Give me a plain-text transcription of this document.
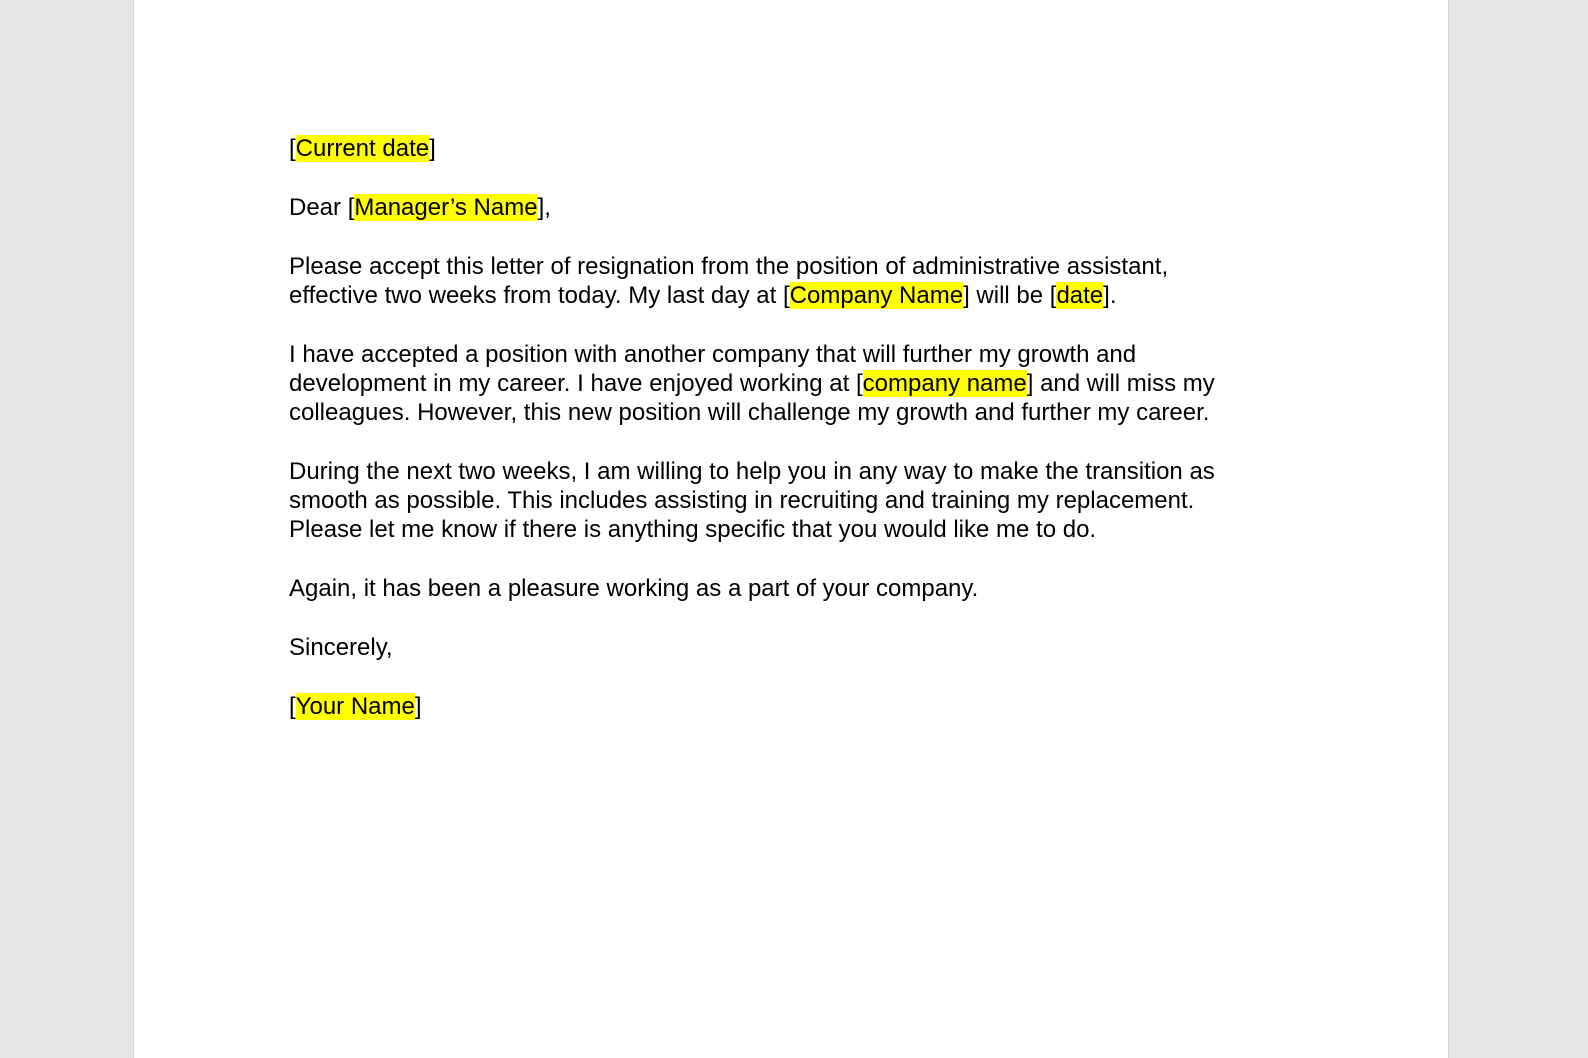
[Current date]

Dear [Manager’s Name],

Please accept this letter of resignation from the position of administrative assistant,

effective two weeks from today. My last day at [Company Name] will be [date].

I have accepted a position with another company that will further my growth and

development in my career. I have enjoyed working at [company name] and will miss my

colleagues. However, this new position will challenge my growth and further my career.

During the next two weeks, I am willing to help you in any way to make the transition as

smooth as possible. This includes assisting in recruiting and training my replacement.

Please let me know if there is anything specific that you would like me to do.

Again, it has been a pleasure working as a part of your company.

Sincerely,

[Your Name]
